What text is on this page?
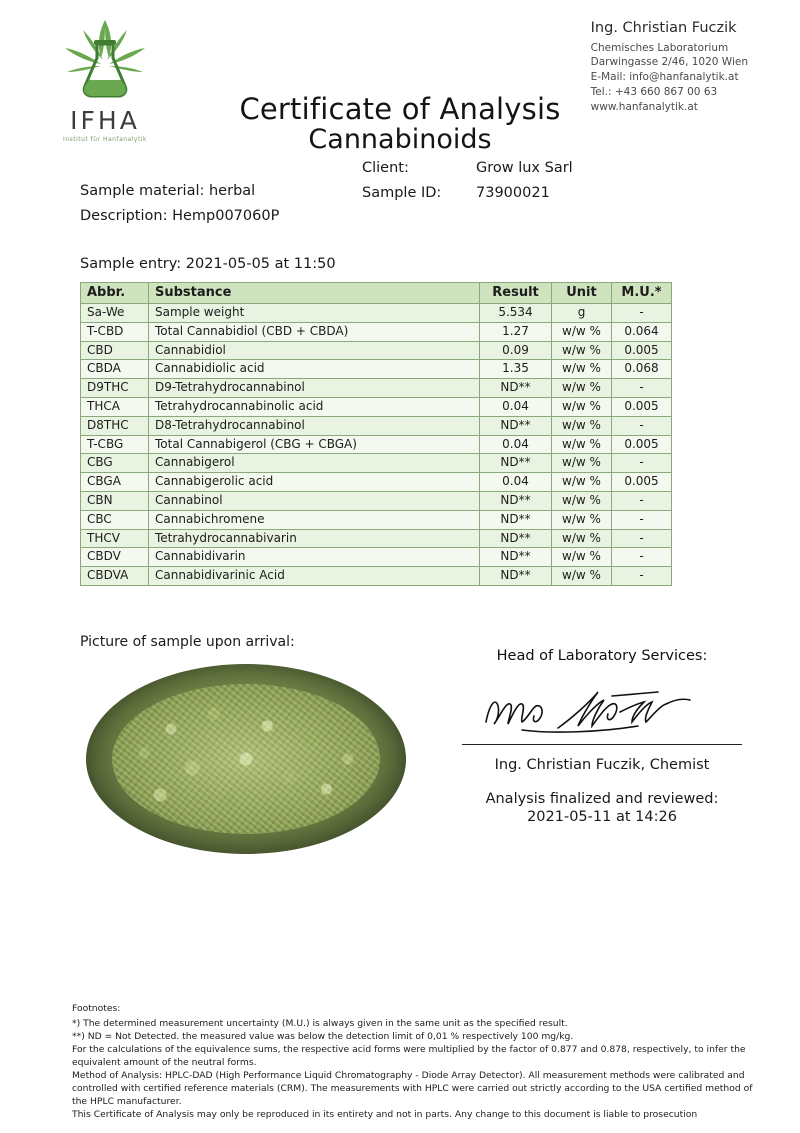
IFHA
Institut für Hanfanalytik
Ing. Christian Fuczik
Chemisches Laboratorium
Darwingasse 2/46, 1020 Wien
E-Mail: info@hanfanalytik.at
Tel.: +43 660 867 00 63
www.hanfanalytik.at
Certificate of Analysis
Cannabinoids
Client:	Grow lux Sarl
Sample ID: 73900021
Sample material: herbal
Description: Hemp007060P
Sample entry: 2021-05-05 at 11:50
Abbr.	Substance	Result	Unit	M.U.*
Sa-We	Sample weight	5.534	g	-
T-CBD	Total Cannabidiol (CBD + CBDA)	1.27	w/w %	0.064
CBD	Cannabidiol	0.09	w/w %	0.005
CBDA	Cannabidiolic acid	1.35	w/w %	0.068
D9THC	D9-Tetrahydrocannabinol	ND**	w/w %	-
THCA	Tetrahydrocannabinolic acid	0.04	w/w %	0.005
D8THC	D8-Tetrahydrocannabinol	ND**	w/w %	-
T-CBG	Total Cannabigerol (CBG + CBGA)	0.04	w/w %	0.005
CBG	Cannabigerol	ND**	w/w %	-
CBGA	Cannabigerolic acid	0.04	w/w %	0.005
CBN	Cannabinol	ND**	w/w %	-
CBC	Cannabichromene	ND**	w/w %	-
THCV	Tetrahydrocannabivarin	ND**	w/w %	-
CBDV	Cannabidivarin	ND**	w/w %	-
CBDVA	Cannabidivarinic Acid	ND**	w/w %	-
Picture of sample upon arrival:
Head of Laboratory Services:
Ing. Christian Fuczik, Chemist
Analysis finalized and reviewed:
2021-05-11 at 14:26

Footnotes:

*) The determined measurement uncertainty (M.U.) is always given in the same unit as the specified result.

**) ND = Not Detected. the measured value was below the detection limit of 0,01 % respectively 100 mg/kg.

For the calculations of the equivalence sums, the respective acid forms were multiplied by the factor of 0.877 and 0.878, respectively, to infer the equivalent amount of the neutral forms.

Method of Analysis: HPLC-DAD (High Performance Liquid Chromatography - Diode Array Detector). All measurement methods were calibrated and controlled with certified reference materials (CRM). The measurements with HPLC were carried out strictly according to the USA certified method of the HPLC manufacturer.

This Certificate of Analysis may only be reproduced in its entirety and not in parts. Any change to this document is liable to prosecution
